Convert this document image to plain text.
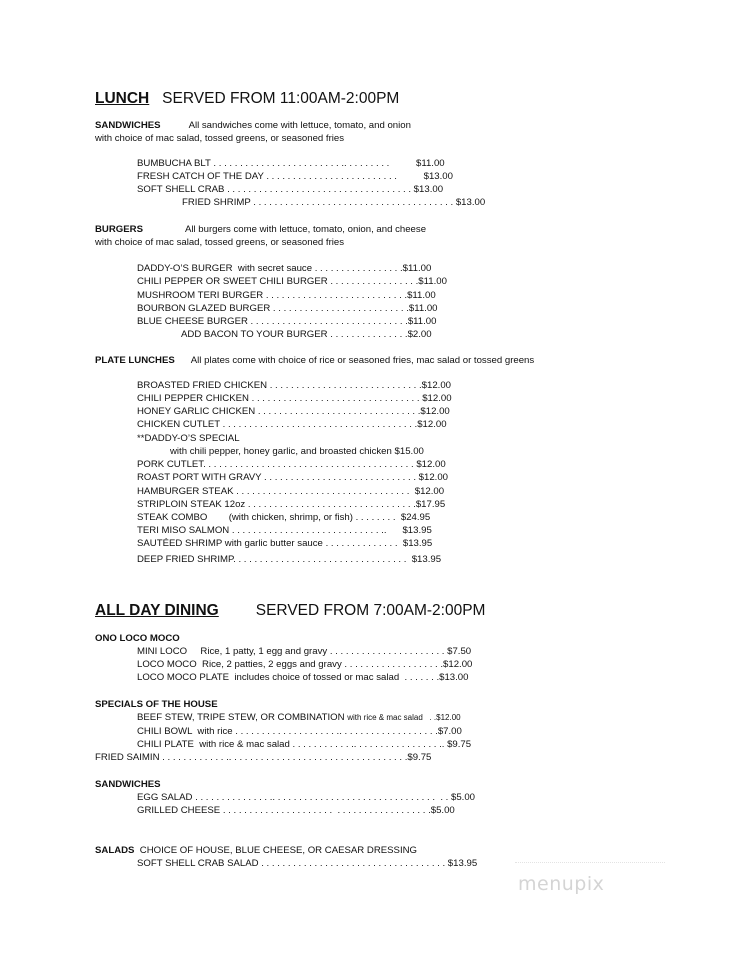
LUNCH SERVED FROM 11:00AM-2:00PM
SANDWICHES	All sandwiches come with lettuce, tomato, and onion
with choice of mac salad, tossed greens, or seasoned fries
BUMBUCHA BLT . . . . . . . . . . . . . . . . . . . . . . . . .. . . . . . . . .          $11.00
FRESH CATCH OF THE DAY . . . . . . . . . . . . . . . . . . . . . . . . .          $13.00
SOFT SHELL CRAB . . . . . . . . . . . . . . . . . . . . . . . . . . . . . . . . . . . $13.00
FRIED SHRIMP . . . . . . . . . . . . . . . . . . . . . . . . . . . . . . . . . . . . . . $13.00
BURGERS	All burgers come with lettuce, tomato, onion, and cheese
with choice of mac salad, tossed greens, or seasoned fries
DADDY-O’S BURGER  with secret sauce . . . . . . . . . . . . . . . . .$11.00
CHILI PEPPER OR SWEET CHILI BURGER . . . . . . . . . . . . . . . . .$11.00
MUSHROOM TERI BURGER . . . . . . . . . . . . . . . . . . . . . . . . . . .$11.00
BOURBON GLAZED BURGER . . . . . . . . . . . . . . . . . . . . . . . . . .$11.00
BLUE CHEESE BURGER . . . . . . . . . . . . . . . . . . . . . . . . . . . . . .$11.00
ADD BACON TO YOUR BURGER . . . . . . . . . . . . . . .$2.00
PLATE LUNCHES All plates come with choice of rice or seasoned fries, mac salad or tossed greens
BROASTED FRIED CHICKEN . . . . . . . . . . . . . . . . . . . . . . . . . . . . .$12.00
CHILI PEPPER CHICKEN . . . . . . . . . . . . . . . . . . . . . . . . . . . . . . . . $12.00
HONEY GARLIC CHICKEN . . . . . . . . . . . . . . . . . . . . . . . . . . . . . . .$12.00
CHICKEN CUTLET . . . . . . . . . . . . . . . . . . . . . . . . . . . . . . . . . . . . .$12.00
**DADDY-O’S SPECIAL
with chili pepper, honey garlic, and broasted chicken $15.00
PORK CUTLET. . . . . . . . . . . . . . . . . . . . . . . . . . . . . . . . . . . . . . . . $12.00
ROAST PORT WITH GRAVY . . . . . . . . . . . . . . . . . . . . . . . . . . . . . $12.00
HAMBURGER STEAK . . . . . . . . . . . . . . . . . . . . . . . . . . . . . . . . .  $12.00
STRIPLOIN STEAK 12oz . . . . . . . . . . . . . . . . . . . . . . . . . . . . . . . .$17.95
STEAK COMBO        (with chicken, shrimp, or fish) . . . . . . . .  $24.95
TERI MISO SALMON . . . . . . . . . . . . . . . . . . . . . . . . . . . . ..      $13.95
SAUTÉED SHRIMP with garlic butter sauce . . . . . . . . . . . . . .  $13.95
DEEP FRIED SHRIMP. . . . . . . . . . . . . . . . . . . . . . . . . . . . . . . . .  $13.95
ALL DAY DINING SERVED FROM 7:00AM-2:00PM
ONO LOCO MOCO
MINI LOCO     Rice, 1 patty, 1 egg and gravy . . . . . . . . . . . . . . . . . . . . . . $7.50
LOCO MOCO  Rice, 2 patties, 2 eggs and gravy . . . . . . . . . . . . . . . . . . .$12.00
LOCO MOCO PLATE  includes choice of tossed or mac salad  . . . . . . .$13.00
SPECIALS OF THE HOUSE
BEEF STEW, TRIPE STEW, OR COMBINATION with rice & mac salad   . .$12.00
CHILI BOWL  with rice . . . . . . . . . . . . . . . . . . . .. . . . . . . . . . . . . . . . . . .$7.00
CHILI PLATE  with rice & mac salad . . . . . . . . . . . .. . . . . . . . . . . . . . . . .. $9.75
FRIED SAIMIN . . . . . . . . . . . . .. . . . . . . . . . . . . . . . . . . . . . . . . . . . . . . . . .$9.75
SANDWICHES
EGG SALAD . . . . . . . . . . . . . . .. . . . . . . . . . . . . . . . . . . . . . . . . . . . . . .  . . $5.00
GRILLED CHEESE . . . . . . . . . . . . . . . . . . . . .  . . . . . . . . . . . . . . . . . .$5.00
SALADS CHOICE OF HOUSE, BLUE CHEESE, OR CAESAR DRESSING
SOFT SHELL CRAB SALAD . . . . . . . . . . . . . . . . . . . . . . . . . . . . . . . . . . . $13.95
menupix
